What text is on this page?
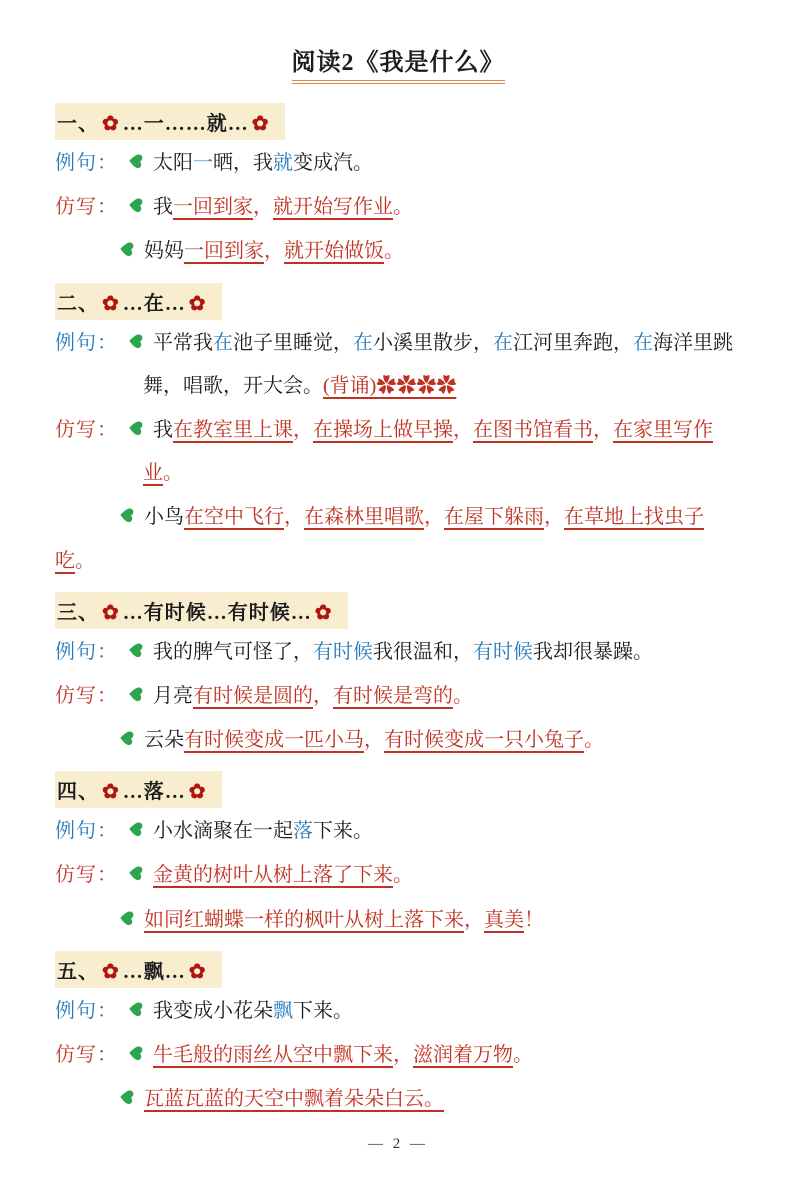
阅读2《我是什么》
一、 ✿ …一……就… ✿

例句： 太阳一晒，我就变成汽。

仿写： 我一回到家，就开始写作业。

妈妈一回到家，就开始做饭。

二、 ✿ …在… ✿

例句： 平常我在池子里睡觉，在小溪里散步，在江河里奔跑，在海洋里跳舞，唱歌，开大会。(背诵)✿✿✿✿

仿写： 我在教室里上课，在操场上做早操，在图书馆看书，在家里写作业。

小鸟在空中飞行，在森林里唱歌，在屋下躲雨，在草地上找虫子吃。

三、 ✿ …有时候…有时候… ✿

例句： 我的脾气可怪了，有时候我很温和，有时候我却很暴躁。

仿写： 月亮有时候是圆的，有时候是弯的。

云朵有时候变成一匹小马，有时候变成一只小兔子。

四、 ✿ …落… ✿

例句： 小水滴聚在一起落下来。

仿写： 金黄的树叶从树上落了下来。

如同红蝴蝶一样的枫叶从树上落下来，真美！

五、 ✿ …飘… ✿

例句： 我变成小花朵飘下来。

仿写： 牛毛般的雨丝从空中飘下来，滋润着万物。

瓦蓝瓦蓝的天空中飘着朵朵白云。

— 2 —
